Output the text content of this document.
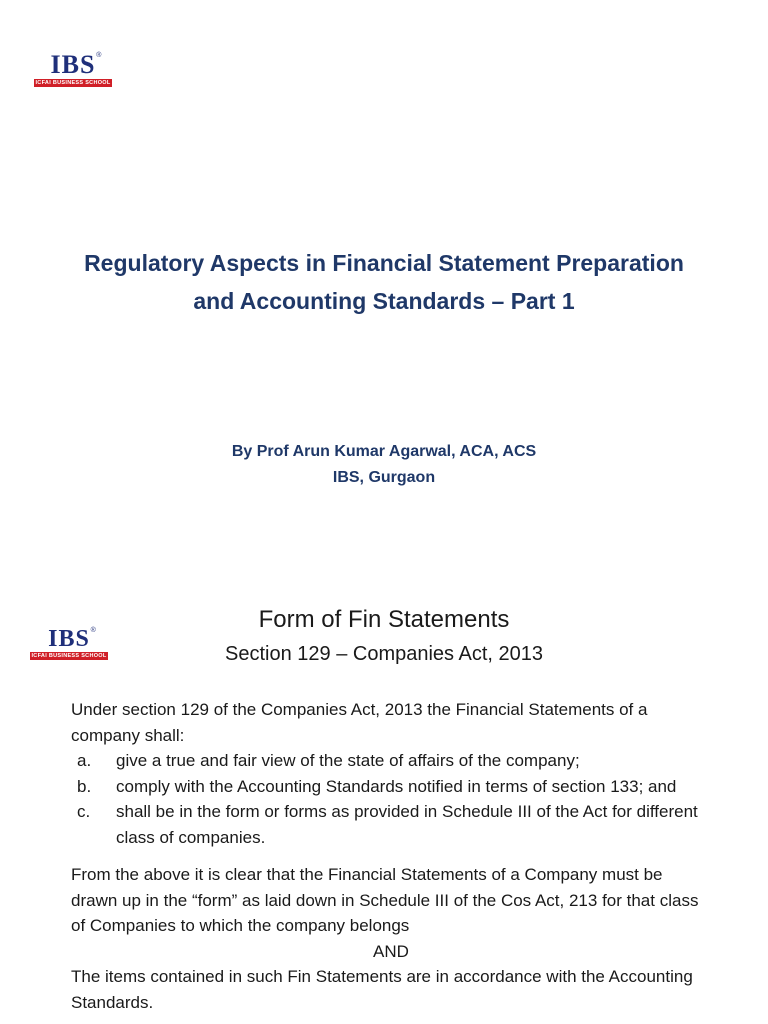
IBS ®
ICFAI BUSINESS SCHOOL
Regulatory Aspects in Financial Statement Preparation
and Accounting Standards – Part 1
By Prof Arun Kumar Agarwal, ACA, ACS
IBS, Gurgaon
IBS ®
ICFAI BUSINESS SCHOOL
Form of Fin Statements
Section 129 – Companies Act, 2013

Under section 129 of the Companies Act, 2013 the Financial Statements of a company shall:

a. give a true and fair view of the state of affairs of the company;
b. comply with the Accounting Standards notified in terms of section 133; and
c. shall be in the form or forms as provided in Schedule III of the Act for different class of companies.

From the above it is clear that the Financial Statements of a Company must be drawn up in the “form” as laid down in Schedule III of the Cos Act, 213 for that class of Companies to which the company belongs

AND

The items contained in such Fin Statements are in accordance with the Accounting Standards.
